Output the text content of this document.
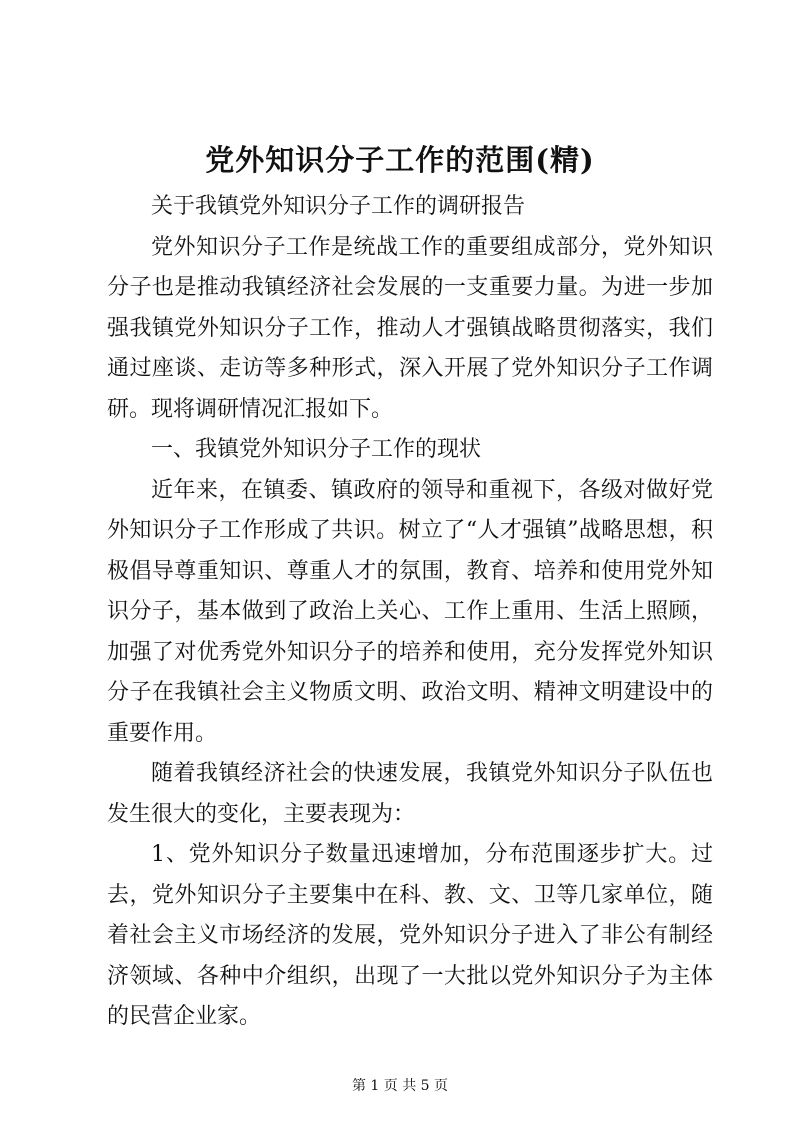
党外知识分子工作的范围(精)

关于我镇党外知识分子工作的调研报告

党外知识分子工作是统战工作的重要组成部分，党外知识分子也是推动我镇经济社会发展的一支重要力量。为进一步加强我镇党外知识分子工作，推动人才强镇战略贯彻落实，我们通过座谈、走访等多种形式，深入开展了党外知识分子工作调研。现将调研情况汇报如下。

一、我镇党外知识分子工作的现状

近年来，在镇委、镇政府的领导和重视下，各级对做好党外知识分子工作形成了共识。树立了“人才强镇”战略思想，积极倡导尊重知识、尊重人才的氛围，教育、培养和使用党外知识分子，基本做到了政治上关心、工作上重用、生活上照顾，加强了对优秀党外知识分子的培养和使用，充分发挥党外知识分子在我镇社会主义物质文明、政治文明、精神文明建设中的重要作用。

随着我镇经济社会的快速发展，我镇党外知识分子队伍也发生很大的变化，主要表现为：

1、党外知识分子数量迅速增加，分布范围逐步扩大。过去，党外知识分子主要集中在科、教、文、卫等几家单位，随着社会主义市场经济的发展，党外知识分子进入了非公有制经济领域、各种中介组织，出现了一大批以党外知识分子为主体的民营企业家。

第 1 页 共 5 页
